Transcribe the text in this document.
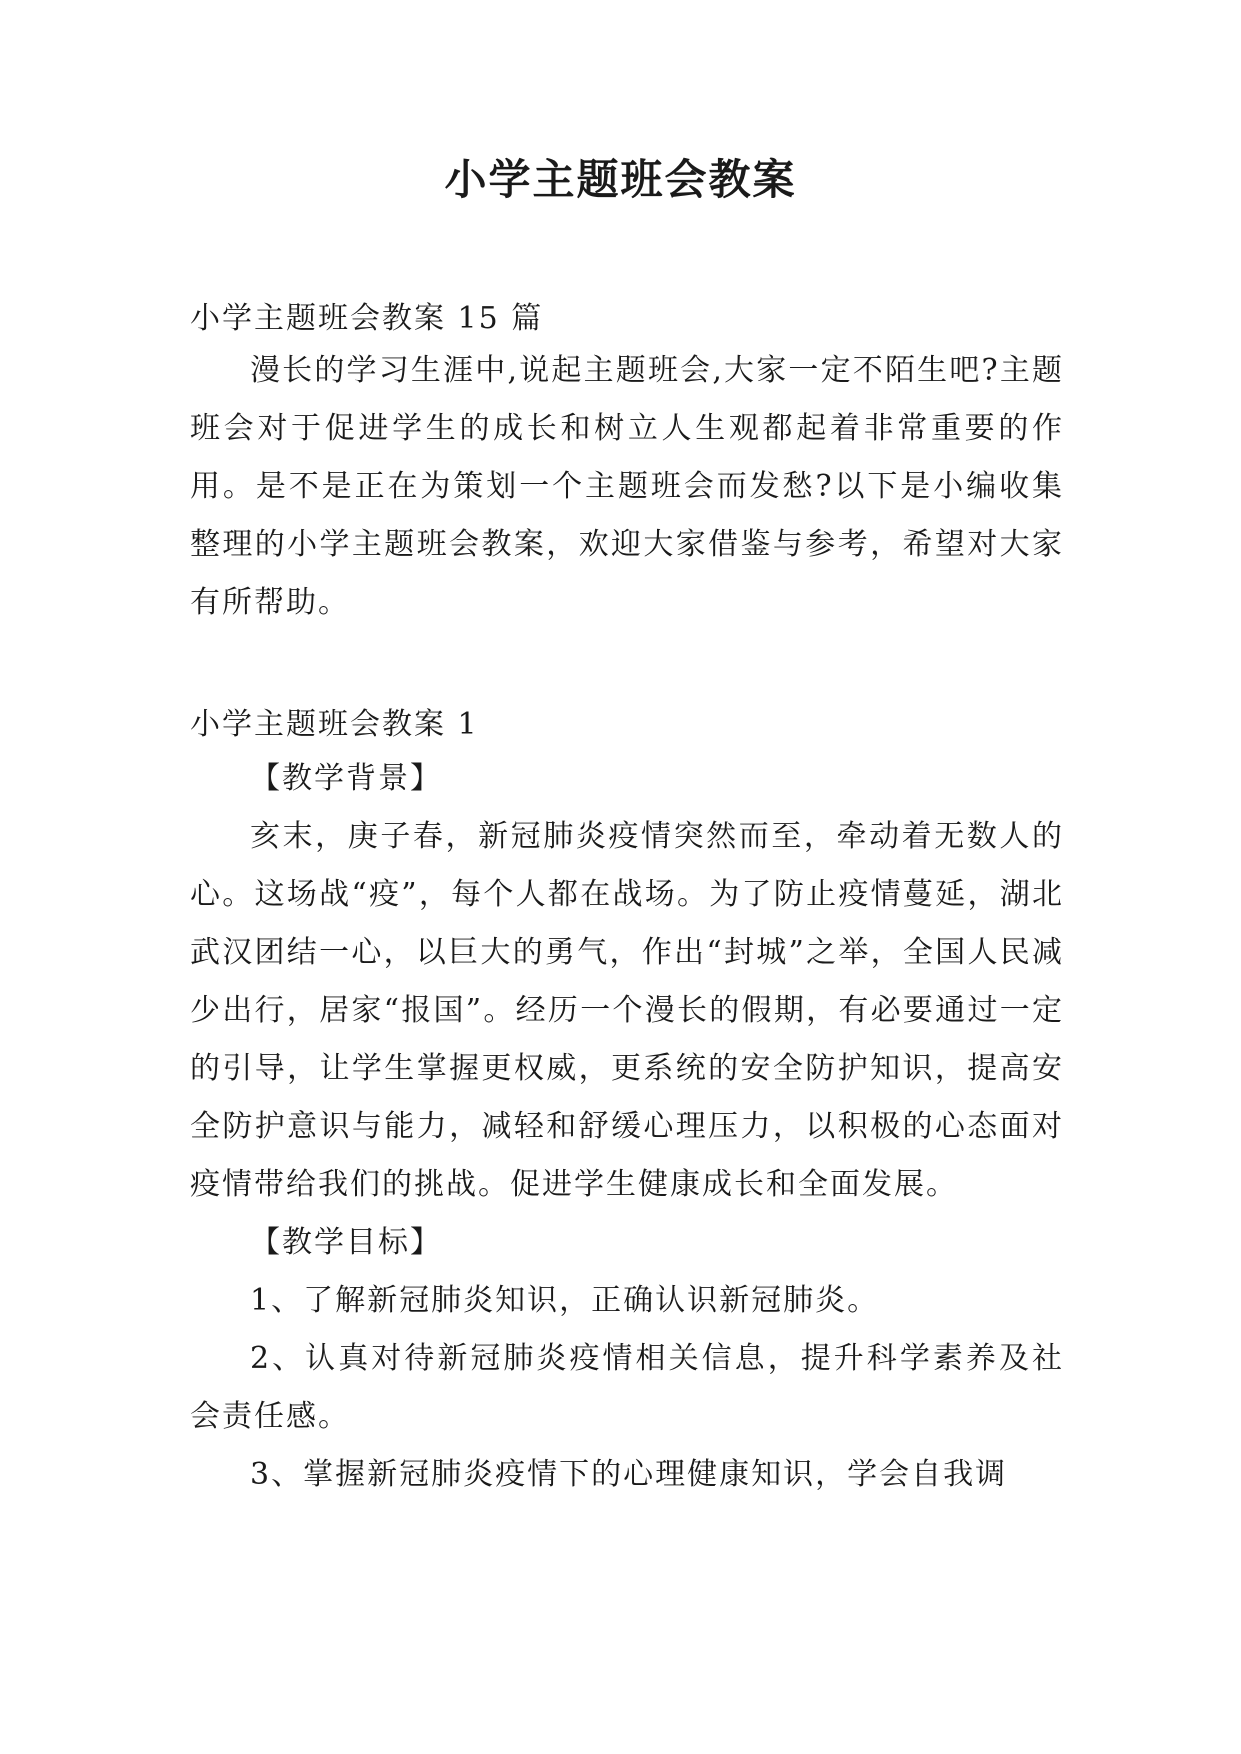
小学主题班会教案

小学主题班会教案 15 篇

漫长的学习生涯中,说起主题班会,大家一定不陌生吧?主题班会对于促进学生的成长和树立人生观都起着非常重要的作用。是不是正在为策划一个主题班会而发愁?以下是小编收集整理的小学主题班会教案，欢迎大家借鉴与参考，希望对大家有所帮助。

小学主题班会教案 1

【教学背景】

亥末，庚子春，新冠肺炎疫情突然而至，牵动着无数人的心。这场战“疫”，每个人都在战场。为了防止疫情蔓延，湖北武汉团结一心，以巨大的勇气，作出“封城”之举，全国人民减少出行，居家“报国”。经历一个漫长的假期，有必要通过一定的引导，让学生掌握更权威，更系统的安全防护知识，提高安全防护意识与能力，减轻和舒缓心理压力，以积极的心态面对疫情带给我们的挑战。促进学生健康成长和全面发展。

【教学目标】

1、了解新冠肺炎知识，正确认识新冠肺炎。

2、认真对待新冠肺炎疫情相关信息，提升科学素养及社会责任感。

3、掌握新冠肺炎疫情下的心理健康知识，学会自我调
